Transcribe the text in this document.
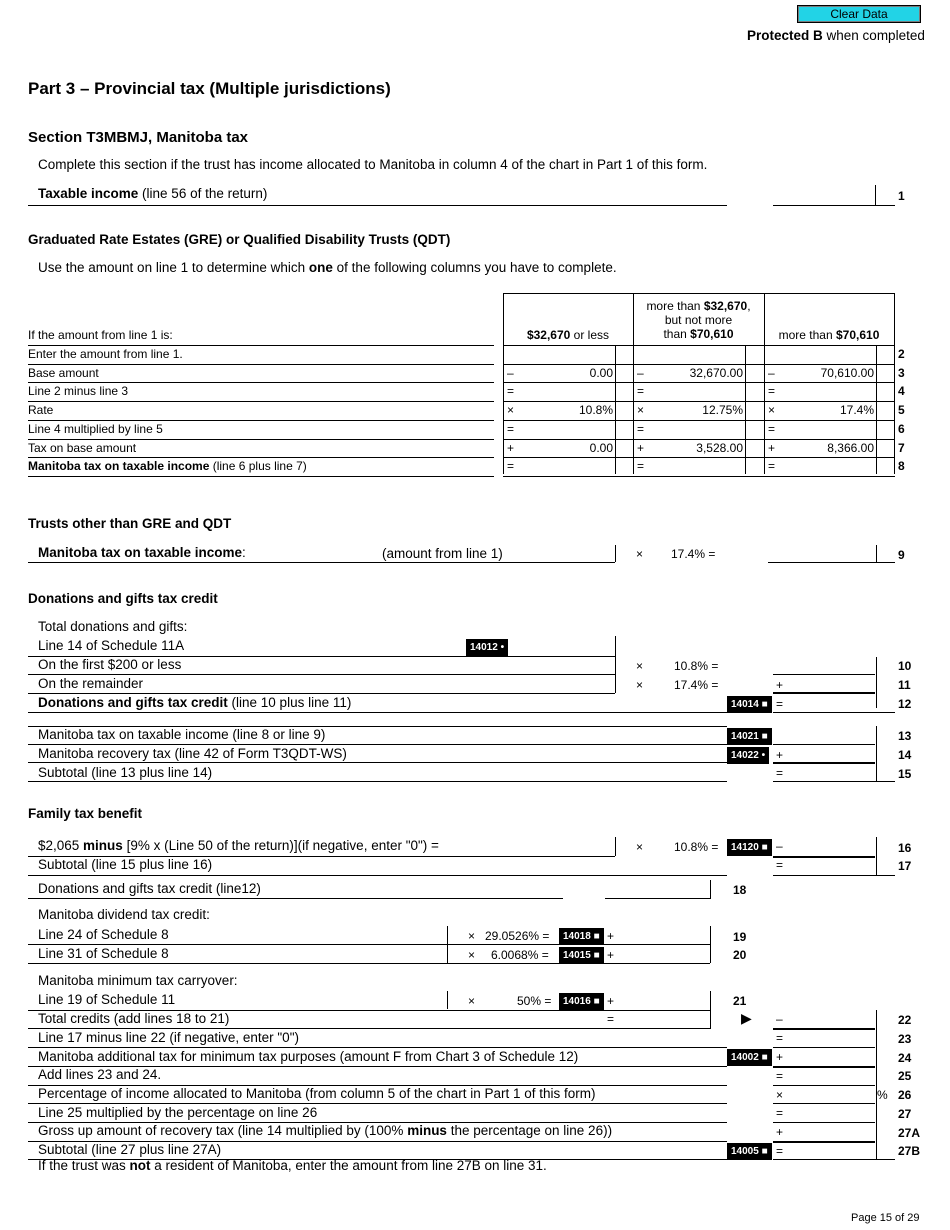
Clear Data
Protected B when completed
Part 3 – Provincial tax (Multiple jurisdictions)
Section T3MBMJ, Manitoba tax
Complete this section if the trust has income allocated to Manitoba in column 4 of the chart in Part 1 of this form.
Taxable income (line 56 of the return)	1
Graduated Rate Estates (GRE) or Qualified Disability Trusts (QDT)
Use the amount on line 1 to determine which one of the following columns you have to complete.
If the amount from line 1 is:	$32,670 or less
more than $32,670,
but not more
than $70,610	more than $70,610
Enter the amount from line 1.	2
Base amount	–	0.00 –	32,670.00 –	70,610.00 3
Line 2 minus line 3	=	=	=	4
Rate	×	10.8% ×	12.75% ×	17.4% 5
Line 4 multiplied by line 5	=	=	=	6
Tax on base amount	+	0.00 +	3,528.00 +	8,366.00 7
Manitoba tax on taxable income (line 6 plus line 7)	=	=	=	8
Trusts other than GRE and QDT
Manitoba tax on taxable income:	(amount from line 1)	× 17.4% =	9
Donations and gifts tax credit
Total donations and gifts:
Line 14 of Schedule 11A	14012 •
On the first $200 or less	×	10.8% =	10
On the remainder	×	17.4% =	+	11
Donations and gifts tax credit (line 10 plus line 11)	14014 ■ =	12
Manitoba tax on taxable income (line 8 or line 9)	14021 ■	13
Manitoba recovery tax (line 42 of Form T3QDT-WS)	14022 • +	14
Subtotal (line 13 plus line 14)	=	15
Family tax benefit
$2,065 minus [9% x (Line 50 of the return)](if negative, enter "0") =	×	10.8% =	14120 ■ –	16
Subtotal (line 15 plus line 16)	=	17
Donations and gifts tax credit (line12)	18
Manitoba dividend tax credit:
Line 24 of Schedule 8	× 29.0526% =	14018 ■ +	19
Line 31 of Schedule 8	× 6.0068% =	14015 ■ +	20
Manitoba minimum tax carryover:
Line 19 of Schedule 11	×	50% =	14016 ■ +	21
Total credits (add lines 18 to 21)	=	▶ –	22
Line 17 minus line 22 (if negative, enter "0")	=	23
Manitoba additional tax for minimum tax purposes (amount F from Chart 3 of Schedule 12)	14002 ■ +	24
Add lines 23 and 24.	=	25
Percentage of income allocated to Manitoba (from column 5 of the chart in Part 1 of this form)	×	% 26
Line 25 multiplied by the percentage on line 26	=	27
Gross up amount of recovery tax (line 14 multiplied by (100% minus the percentage on line 26))	+	27A
Subtotal (line 27 plus line 27A)	14005 ■ =	27B
If the trust was not a resident of Manitoba, enter the amount from line 27B on line 31.
Page 15 of 29
